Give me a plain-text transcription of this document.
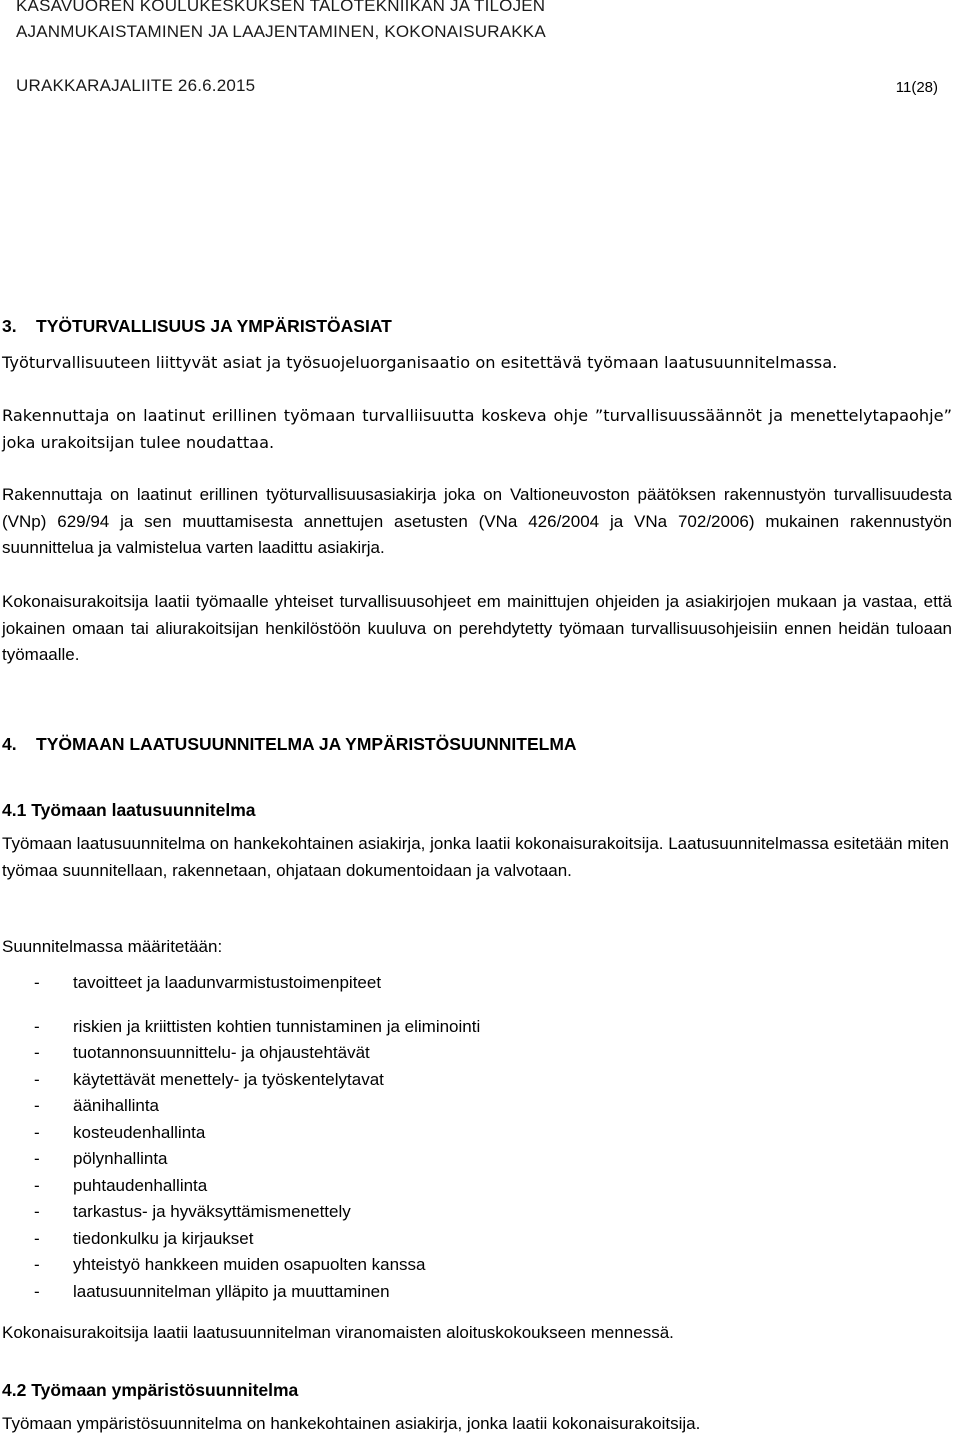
KASAVUOREN KOULUKESKUKSEN TALOTEKNIIKAN JA TILOJEN
AJANMUKAISTAMINEN JA LAAJENTAMINEN, KOKONAISURAKKA
URAKKARAJALIITE 26.6.2015	11(28)
3. TYÖTURVALLISUUS JA YMPÄRISTÖASIAT
Työturvallisuuteen liittyvät asiat ja työsuojeluorganisaatio on esitettävä työmaan laatusuunnitelmassa.
Rakennuttaja on laatinut erillinen työmaan turvalliisuutta koskeva ohje ”turvallisuussäännöt ja menettelytapaohje” joka urakoitsijan tulee noudattaa.
Rakennuttaja on laatinut erillinen työturvallisuusasiakirja joka on Valtioneuvoston päätöksen rakennustyön turvallisuudesta (VNp) 629/94 ja sen muuttamisesta annettujen asetusten (VNa 426/2004 ja VNa 702/2006) mukainen rakennustyön suunnittelua ja valmistelua varten laadittu asiakirja.
Kokonaisurakoitsija laatii työmaalle yhteiset turvallisuusohjeet em mainittujen ohjeiden ja asiakirjojen mukaan ja vastaa, että jokainen omaan tai aliurakoitsijan henkilöstöön kuuluva on perehdytetty työmaan turvallisuusohjeisiin ennen heidän tuloaan työmaalle.
4. TYÖMAAN LAATUSUUNNITELMA JA YMPÄRISTÖSUUNNITELMA
4.1 Työmaan laatusuunnitelma
Työmaan laatusuunnitelma on hankekohtainen asiakirja, jonka laatii kokonaisurakoitsija. Laatusuunnitelmassa esitetään miten työmaa suunnitellaan, rakennetaan, ohjataan dokumentoidaan ja valvotaan.
Suunnitelmassa määritetään:
- tavoitteet ja laadunvarmistustoimenpiteet
- riskien ja kriittisten kohtien tunnistaminen ja eliminointi
- tuotannonsuunnittelu- ja ohjaustehtävät
- käytettävät menettely- ja työskentelytavat
- äänihallinta
- kosteudenhallinta
- pölynhallinta
- puhtaudenhallinta
- tarkastus- ja hyväksyttämismenettely
- tiedonkulku ja kirjaukset
- yhteistyö hankkeen muiden osapuolten kanssa
- laatusuunnitelman ylläpito ja muuttaminen
Kokonaisurakoitsija laatii laatusuunnitelman viranomaisten aloituskokoukseen mennessä.
4.2 Työmaan ympäristösuunnitelma
Työmaan ympäristösuunnitelma on hankekohtainen asiakirja, jonka laatii kokonaisurakoitsija.
